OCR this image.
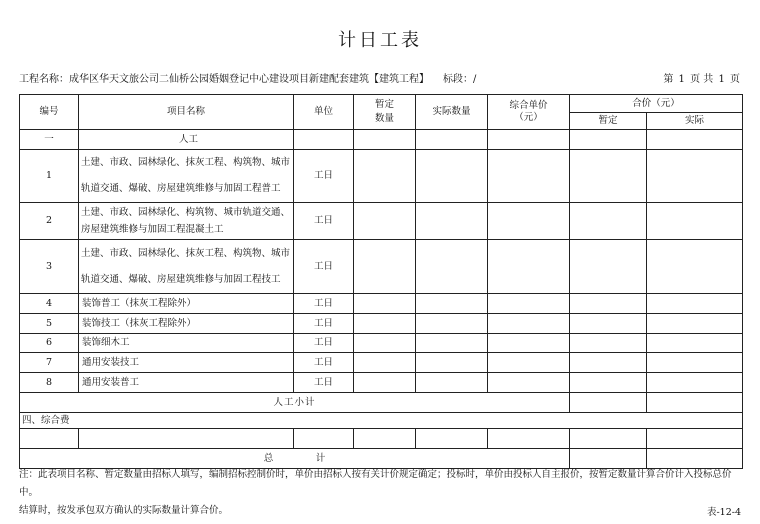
计日工表
工程名称：成华区华天文旅公司二仙桥公园婚姻登记中心建设项目新建配套建筑【建筑工程】 标段：/	第 1 页 共 1 页
编号	项目名称	单位	暂定数量	实际数量	综合单价
（元）	合价（元）	
						暂定	实际
一	人工						
1	土建、市政、园林绿化、抹灰工程、构筑物、城市
轨道交通、爆破、房屋建筑维修与加固工程普工	工日					
2	土建、市政、园林绿化、构筑物、城市轨道交通、
房屋建筑维修与加固工程混凝土工	工日					
3	土建、市政、园林绿化、抹灰工程、构筑物、城市
轨道交通、爆破、房屋建筑维修与加固工程技工	工日					
4	装饰普工（抹灰工程除外）	工日					
5	装饰技工（抹灰工程除外）	工日					
6	装饰细木工	工日					
7	通用安装技工	工日					
8	通用安装普工	工日					
人工小计							
四、综合费							

总 计							
注：此表项目名称、暂定数量由招标人填写，编制招标控制价时，单价由招标人按有关计价规定确定；投标时，单价由投标人自主报价，按暂定数量计算合价计入投标总价中。
结算时，按发承包双方确认的实际数量计算合价。	表-12-4
